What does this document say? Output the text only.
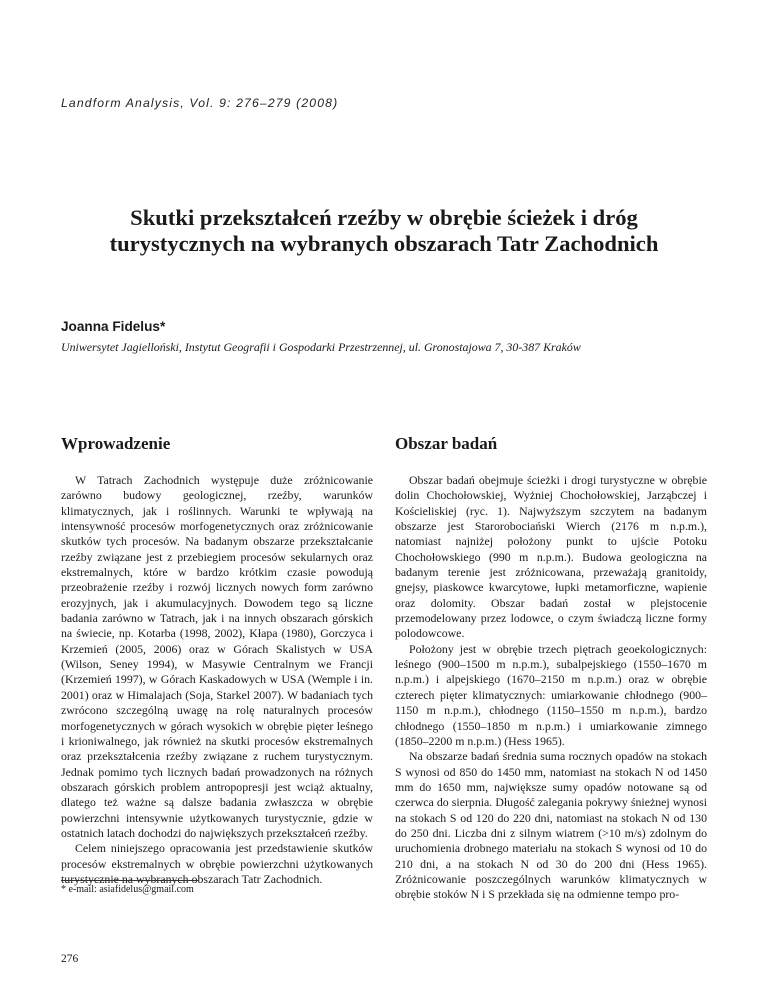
Landform Analysis, Vol. 9: 276–279 (2008)
Skutki przekształceń rzeźby w obrębie ścieżek i dróg
turystycznych na wybranych obszarach Tatr Zachodnich
Joanna Fidelus*
Uniwersytet Jagielloński, Instytut Geografii i Gospodarki Przestrzennej, ul. Gronostajowa 7, 30-387 Kraków
Wprowadzenie

W Tatrach Zachodnich występuje duże zróżnicowanie zarówno budowy geologicznej, rzeźby, warunków klimatycznych, jak i roślinnych. Warunki te wpływają na intensywność procesów morfogenetycznych oraz zróżnicowanie skutków tych procesów. Na badanym obszarze przekształcanie rzeźby związane jest z przebiegiem procesów sekularnych oraz ekstremalnych, które w bardzo krótkim czasie powodują przeobrażenie rzeźby i rozwój licznych nowych form zarówno erozyjnych, jak i akumulacyjnych. Dowodem tego są liczne badania zarówno w Tatrach, jak i na innych obszarach górskich na świecie, np. Kotarba (1998, 2002), Kłapa (1980), Gorczyca i Krzemień (2005, 2006) oraz w Górach Skalistych w USA (Wilson, Seney 1994), w Masywie Centralnym we Francji (Krzemień 1997), w Górach Kaskadowych w USA (Wemple i in. 2001) oraz w Himalajach (Soja, Starkel 2007). W badaniach tych zwrócono szczególną uwagę na rolę naturalnych procesów morfogenetycznych w górach wysokich w obrębie pięter leśnego i krioniwalnego, jak również na skutki procesów ekstremalnych oraz przekształcenia rzeźby związane z ruchem turystycznym. Jednak pomimo tych licznych badań prowadzonych na różnych obszarach górskich problem antropopresji jest wciąż aktualny, dlatego też ważne są dalsze badania zwłaszcza w obrębie powierzchni intensywnie użytkowanych turystycznie, gdzie w ostatnich latach dochodzi do największych przekształceń rzeźby.

Celem niniejszego opracowania jest przedstawienie skutków procesów ekstremalnych w obrębie powierzchni użytkowanych turystycznie na wybranych obszarach Tatr Zachodnich.

Obszar badań

Obszar badań obejmuje ścieżki i drogi turystyczne w obrębie dolin Chochołowskiej, Wyżniej Chochołowskiej, Jarząbczej i Kościeliskiej (ryc. 1). Najwyższym szczytem na badanym obszarze jest Starorobociański Wierch (2176 m n.p.m.), natomiast najniżej położony punkt to ujście Potoku Chochołowskiego (990 m n.p.m.). Budowa geologiczna na badanym terenie jest zróżnicowana, przeważają granitoidy, gnejsy, piaskowce kwarcytowe, łupki metamorficzne, wapienie oraz dolomity. Obszar badań został w plejstocenie przemodelowany przez lodowce, o czym świadczą liczne formy polodowcowe.

Położony jest w obrębie trzech piętrach geoekologicznych: leśnego (900–1500 m n.p.m.), subalpejskiego (1550–1670 m n.p.m.) i alpejskiego (1670–2150 m n.p.m.) oraz w obrębie czterech pięter klimatycznych: umiarkowanie chłodnego (900–1150 m n.p.m.), chłodnego (1150–1550 m n.p.m.), bardzo chłodnego (1550–1850 m n.p.m.) i umiarkowanie zimnego (1850–2200 m n.p.m.) (Hess 1965).

Na obszarze badań średnia suma rocznych opadów na stokach S wynosi od 850 do 1450 mm, natomiast na stokach N od 1450 mm do 1650 mm, największe sumy opadów notowane są od czerwca do sierpnia. Długość zalegania pokrywy śnieżnej wynosi na stokach S od 120 do 220 dni, natomiast na stokach N od 130 do 250 dni. Liczba dni z silnym wiatrem (>10 m/s) zdolnym do uruchomienia drobnego materiału na stokach S wynosi od 10 do 210 dni, a na stokach N od 30 do 200 dni (Hess 1965). Zróżnicowanie poszczególnych warunków klimatycznych w obrębie stoków N i S przekłada się na odmienne tempo pro-

* e-mail: asiafidelus@gmail.com
276
